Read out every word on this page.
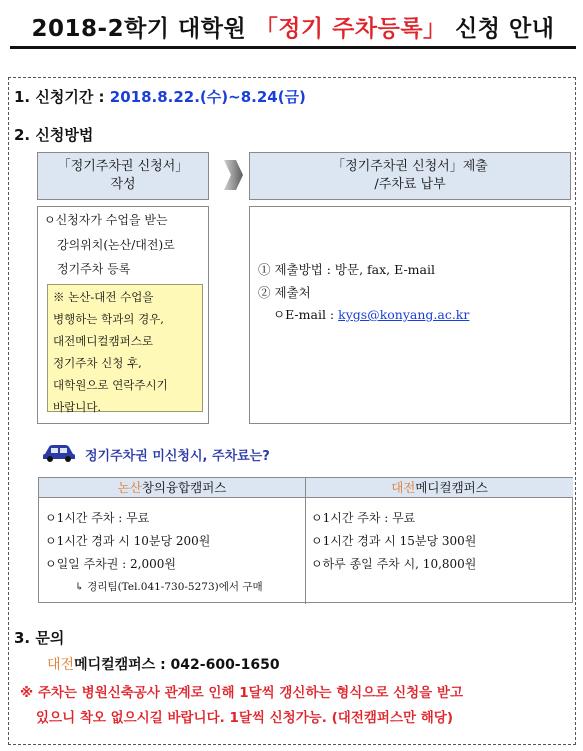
2018-2학기 대학원 「정기 주차등록」 신청 안내
1. 신청기간 : 2018.8.22.(수)~8.24(금)
2. 신청방법
「정기주차권 신청서」
작성
「정기주차권 신청서」제출
/주차료 납부
ㅇ신청자가 수업을 받는
강의위치(논산/대전)로
정기주차 등록
※ 논산-대전 수업을
병행하는 학과의 경우,
대전메디컬캠퍼스로
정기주차 신청 후,
대학원으로 연락주시기
바랍니다.
① 제출방법 : 방문, fax, E-mail
② 제출처
ㅇE-mail : kygs@konyang.ac.kr
정기주차권 미신청시, 주차료는?
논산창의융합캠퍼스	대전메디컬캠퍼스
ㅇ1시간 주차 : 무료
ㅇ1시간 경과 시 10분당 200원
ㅇ일일 주차권 : 2,000원
↳ 경리팀(Tel.041-730-5273)에서 구매
ㅇ1시간 주차 : 무료
ㅇ1시간 경과 시 15분당 300원
ㅇ하루 종일 주차 시, 10,800원
3. 문의
대전메디컬캠퍼스 : 042-600-1650
※ 주차는 병원신축공사 관계로 인해 1달씩 갱신하는 형식으로 신청을 받고
있으니 착오 없으시길 바랍니다. 1달씩 신청가능. (대전캠퍼스만 해당)
